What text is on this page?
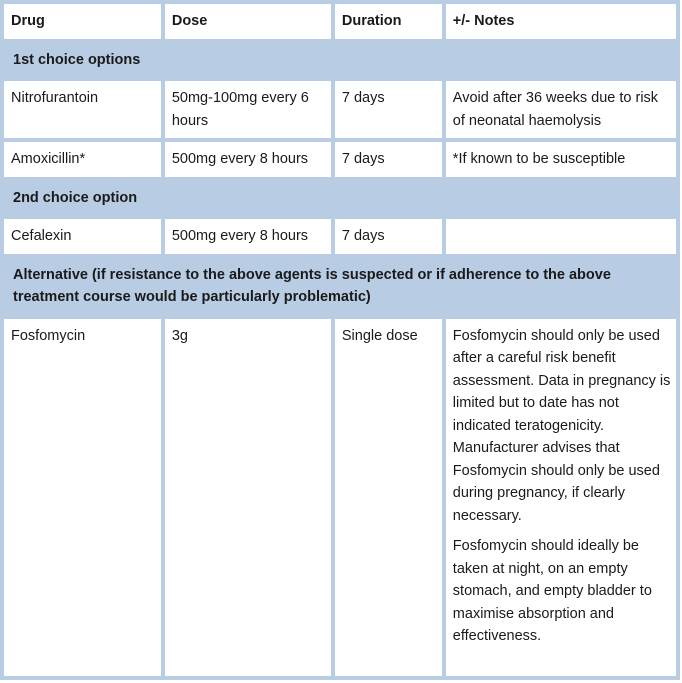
Drug	Dose	Duration	+/- Notes
1st choice options			
Nitrofurantoin	50mg-100mg every 6 hours	7 days	Avoid after 36 weeks due to risk of neonatal haemolysis
Amoxicillin*	500mg every 8 hours	7 days	*If known to be susceptible
2nd choice option			
Cefalexin	500mg every 8 hours	7 days	
Alternative (if resistance to the above agents is suspected or if adherence to the above treatment course would be particularly problematic)			
Fosfomycin	3g	Single dose	Fosfomycin should only be used after a careful risk benefit assessment. Data in pregnancy is limited but to date has not indicated teratogenicity. Manufacturer advises that Fosfomycin should only be used during pregnancy, if clearly necessary.

Fosfomycin should ideally be taken at night, on an empty stomach, and empty bladder to maximise absorption and effectiveness.
